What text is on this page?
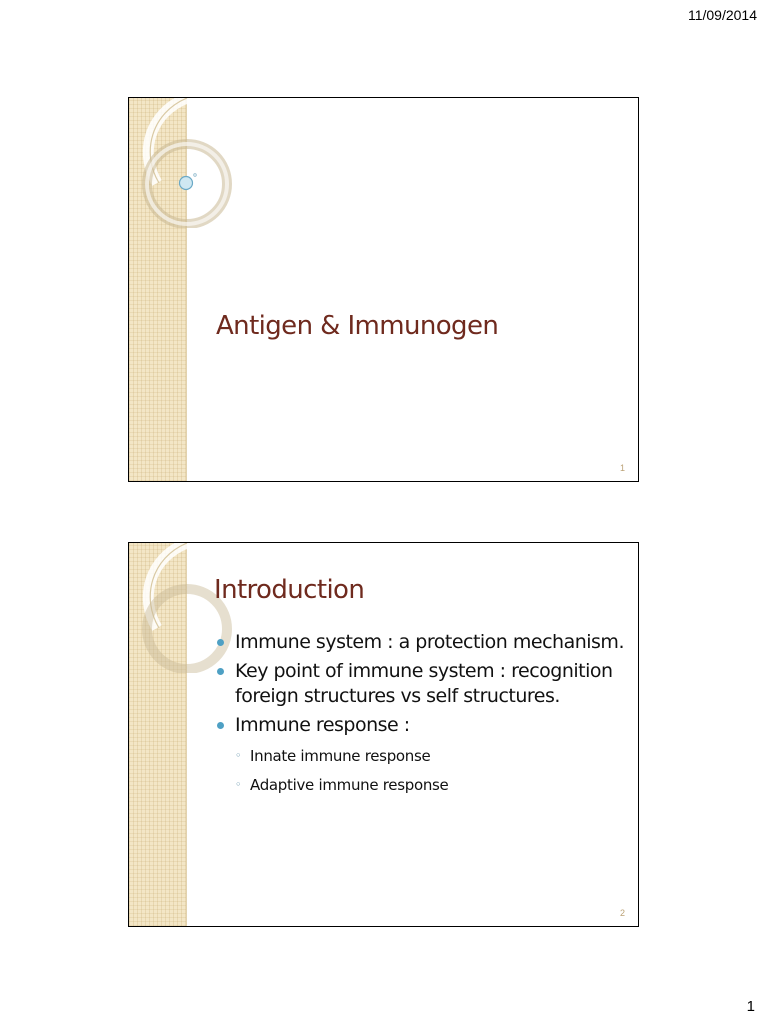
11/09/2014
Antigen & Immunogen
1
Introduction
Immune system : a protection mechanism.
Key point of immune system : recognition foreign structures vs self structures.
Immune response :
◦ Innate immune response
◦ Adaptive immune response
2
1
